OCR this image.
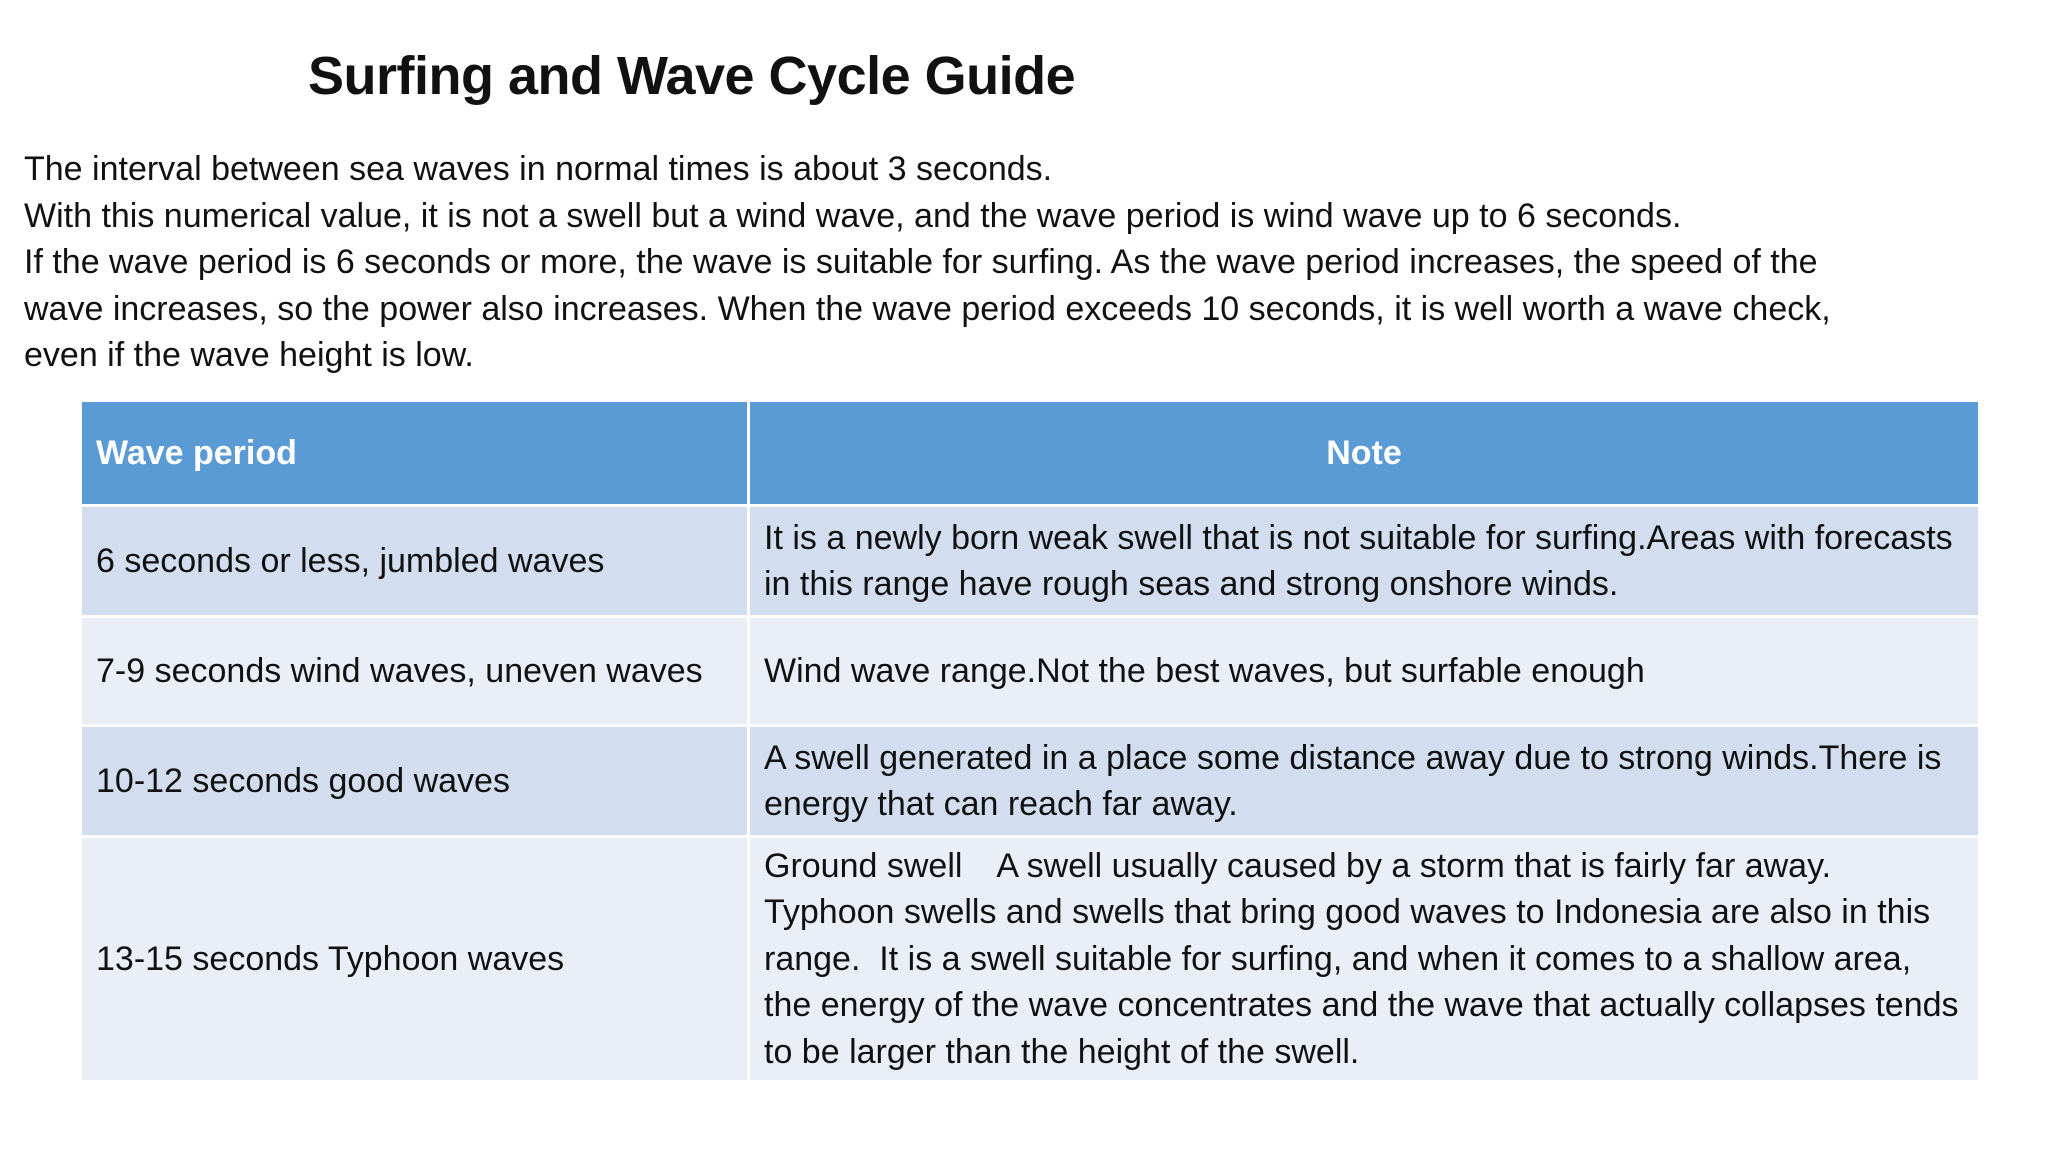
Surfing and Wave Cycle Guide

The interval between sea waves in normal times is about 3 seconds.

With this numerical value, it is not a swell but a wind wave, and the wave period is wind wave up to 6 seconds.

If the wave period is 6 seconds or more, the wave is suitable for surfing. As the wave period increases, the speed of the

wave increases, so the power also increases. When the wave period exceeds 10 seconds, it is well worth a wave check,

even if the wave height is low.

Wave period	Note
6 seconds or less, jumbled waves	It is a newly born weak swell that is not suitable for surfing.Areas with forecasts in this range have rough seas and strong onshore winds.
7-9 seconds wind waves, uneven waves	Wind wave range.Not the best waves, but surfable enough
10-12 seconds good waves	A swell generated in a place some distance away due to strong winds.There is energy that can reach far away.
13-15 seconds Typhoon waves	Ground swell　A swell usually caused by a storm that is fairly far away. Typhoon swells and swells that bring good waves to Indonesia are also in this range.  It is a swell suitable for surfing, and when it comes to a shallow area, the energy of the wave concentrates and the wave that actually collapses tends to be larger than the height of the swell.
